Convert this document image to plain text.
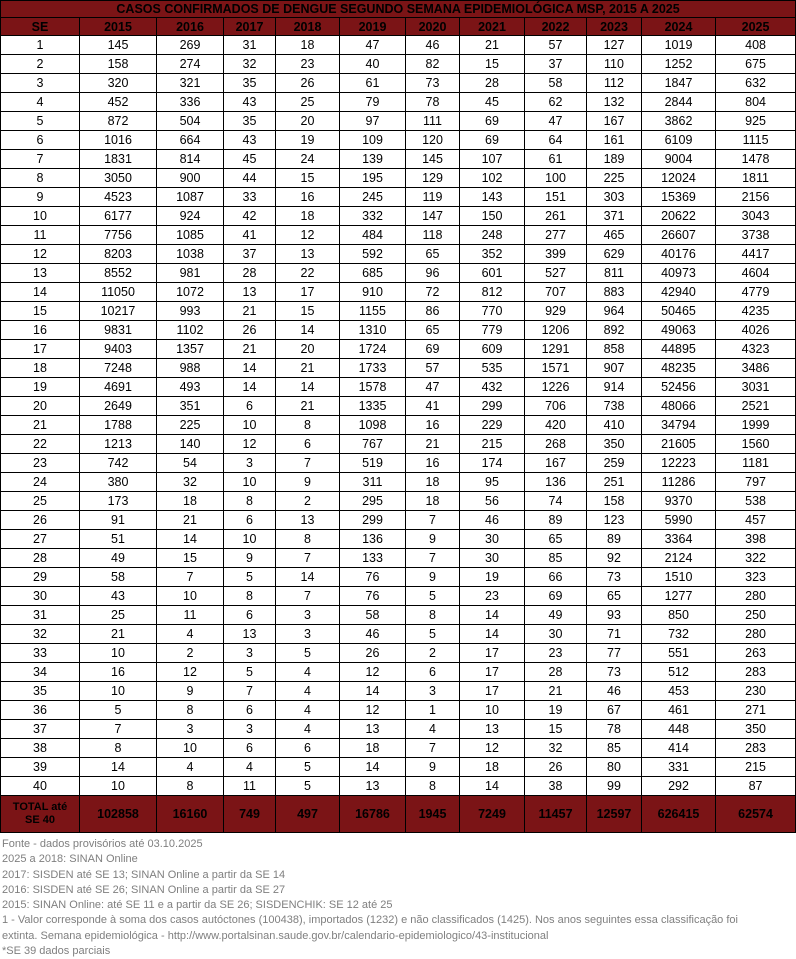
CASOS CONFIRMADOS DE DENGUE SEGUNDO SEMANA EPIDEMIOLÓGICA MSP, 2015 A 2025											
SE	2015	2016	2017	2018	2019	2020	2021	2022	2023	2024	2025
1	145	269	31	18	47	46	21	57	127	1019	408
2	158	274	32	23	40	82	15	37	110	1252	675
3	320	321	35	26	61	73	28	58	112	1847	632
4	452	336	43	25	79	78	45	62	132	2844	804
5	872	504	35	20	97	111	69	47	167	3862	925
6	1016	664	43	19	109	120	69	64	161	6109	1115
7	1831	814	45	24	139	145	107	61	189	9004	1478
8	3050	900	44	15	195	129	102	100	225	12024	1811
9	4523	1087	33	16	245	119	143	151	303	15369	2156
10	6177	924	42	18	332	147	150	261	371	20622	3043
11	7756	1085	41	12	484	118	248	277	465	26607	3738
12	8203	1038	37	13	592	65	352	399	629	40176	4417
13	8552	981	28	22	685	96	601	527	811	40973	4604
14	11050	1072	13	17	910	72	812	707	883	42940	4779
15	10217	993	21	15	1155	86	770	929	964	50465	4235
16	9831	1102	26	14	1310	65	779	1206	892	49063	4026
17	9403	1357	21	20	1724	69	609	1291	858	44895	4323
18	7248	988	14	21	1733	57	535	1571	907	48235	3486
19	4691	493	14	14	1578	47	432	1226	914	52456	3031
20	2649	351	6	21	1335	41	299	706	738	48066	2521
21	1788	225	10	8	1098	16	229	420	410	34794	1999
22	1213	140	12	6	767	21	215	268	350	21605	1560
23	742	54	3	7	519	16	174	167	259	12223	1181
24	380	32	10	9	311	18	95	136	251	11286	797
25	173	18	8	2	295	18	56	74	158	9370	538
26	91	21	6	13	299	7	46	89	123	5990	457
27	51	14	10	8	136	9	30	65	89	3364	398
28	49	15	9	7	133	7	30	85	92	2124	322
29	58	7	5	14	76	9	19	66	73	1510	323
30	43	10	8	7	76	5	23	69	65	1277	280
31	25	11	6	3	58	8	14	49	93	850	250
32	21	4	13	3	46	5	14	30	71	732	280
33	10	2	3	5	26	2	17	23	77	551	263
34	16	12	5	4	12	6	17	28	73	512	283
35	10	9	7	4	14	3	17	21	46	453	230
36	5	8	6	4	12	1	10	19	67	461	271
37	7	3	3	4	13	4	13	15	78	448	350
38	8	10	6	6	18	7	12	32	85	414	283
39	14	4	4	5	14	9	18	26	80	331	215
40	10	8	11	5	13	8	14	38	99	292	87
TOTAL até
SE 40	102858	16160	749	497	16786	1945	7249	11457	12597	626415	62574
Fonte - dados provisórios até 03.10.2025
2025 a 2018: SINAN Online
2017: SISDEN até SE 13; SINAN Online a partir da SE 14
2016: SISDEN até SE 26; SINAN Online a partir da SE 27
2015: SINAN Online: até SE 11 e a partir da SE 26; SISDENCHIK: SE 12 até 25
1 - Valor corresponde à soma dos casos autóctones (100438), importados (1232) e não classificados (1425). Nos anos seguintes essa classificação foi extinta. Semana epidemiológica - http://www.portalsinan.saude.gov.br/calendario-epidemiologico/43-institucional
*SE 39 dados parciais
